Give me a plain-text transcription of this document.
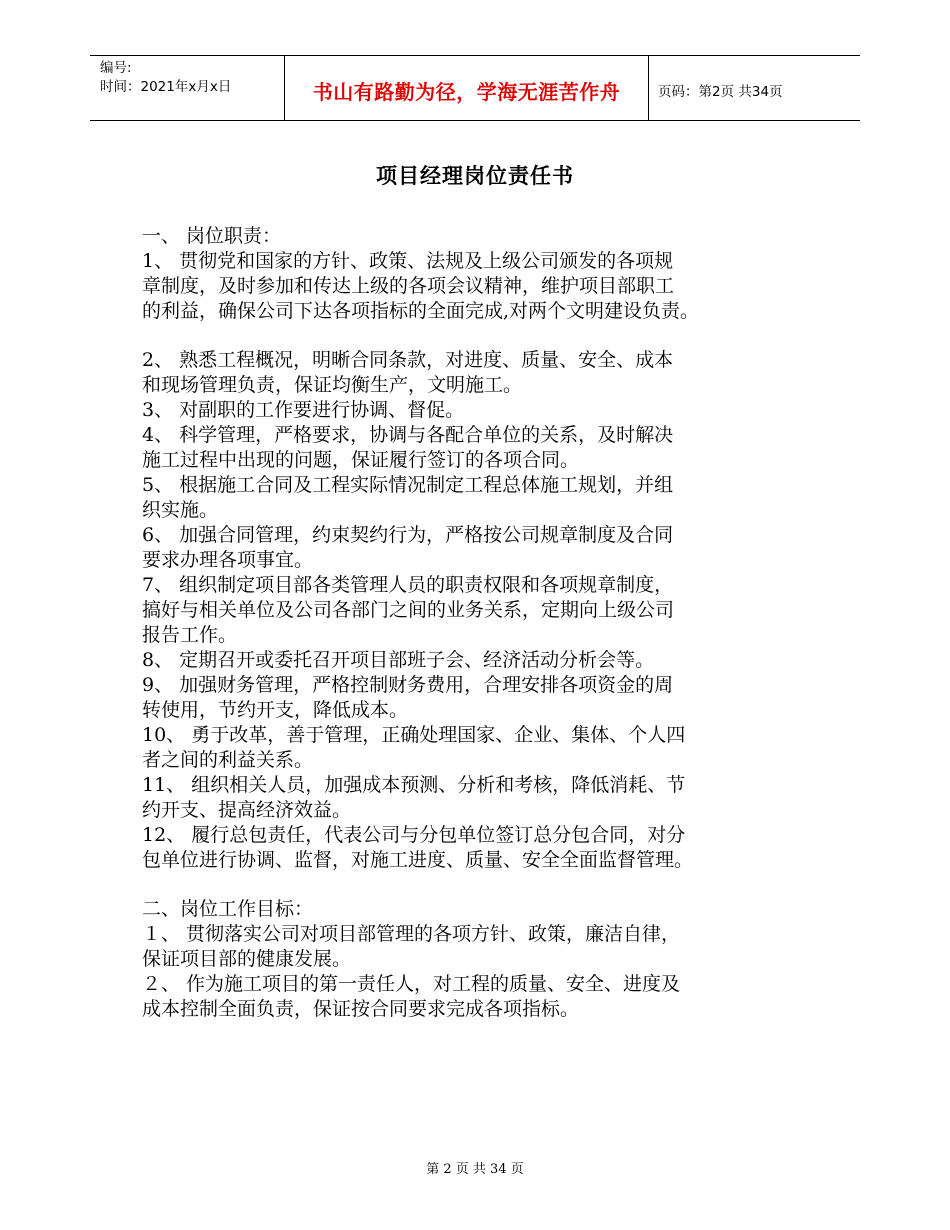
编号:
时间：2021年x月x日	书山有路勤为径，学海无涯苦作舟	页码：第2页 共34页
项目经理岗位责任书
一、 岗位职责：
1、 贯彻党和国家的方针、政策、法规及上级公司颁发的各项规
章制度，及时参加和传达上级的各项会议精神，维护项目部职工
的利益，确保公司下达各项指标的全面完成,对两个文明建设负责。
2、 熟悉工程概况，明晰合同条款，对进度、质量、安全、成本
和现场管理负责，保证均衡生产，文明施工。
3、 对副职的工作要进行协调、督促。
4、 科学管理，严格要求，协调与各配合单位的关系，及时解决
施工过程中出现的问题，保证履行签订的各项合同。
5、 根据施工合同及工程实际情况制定工程总体施工规划，并组
织实施。
6、 加强合同管理，约束契约行为，严格按公司规章制度及合同
要求办理各项事宜。
7、 组织制定项目部各类管理人员的职责权限和各项规章制度，
搞好与相关单位及公司各部门之间的业务关系，定期向上级公司
报告工作。
8、 定期召开或委托召开项目部班子会、经济活动分析会等。
9、 加强财务管理，严格控制财务费用，合理安排各项资金的周
转使用，节约开支，降低成本。
10、 勇于改革，善于管理，正确处理国家、企业、集体、个人四
者之间的利益关系。
11、 组织相关人员，加强成本预测、分析和考核，降低消耗、节
约开支、提高经济效益。
12、 履行总包责任，代表公司与分包单位签订总分包合同，对分
包单位进行协调、监督，对施工进度、质量、安全全面监督管理。
二、岗位工作目标：
１、 贯彻落实公司对项目部管理的各项方针、政策，廉洁自律，
保证项目部的健康发展。
２、 作为施工项目的第一责任人，对工程的质量、安全、进度及
成本控制全面负责，保证按合同要求完成各项指标。
第 2 页 共 34 页
